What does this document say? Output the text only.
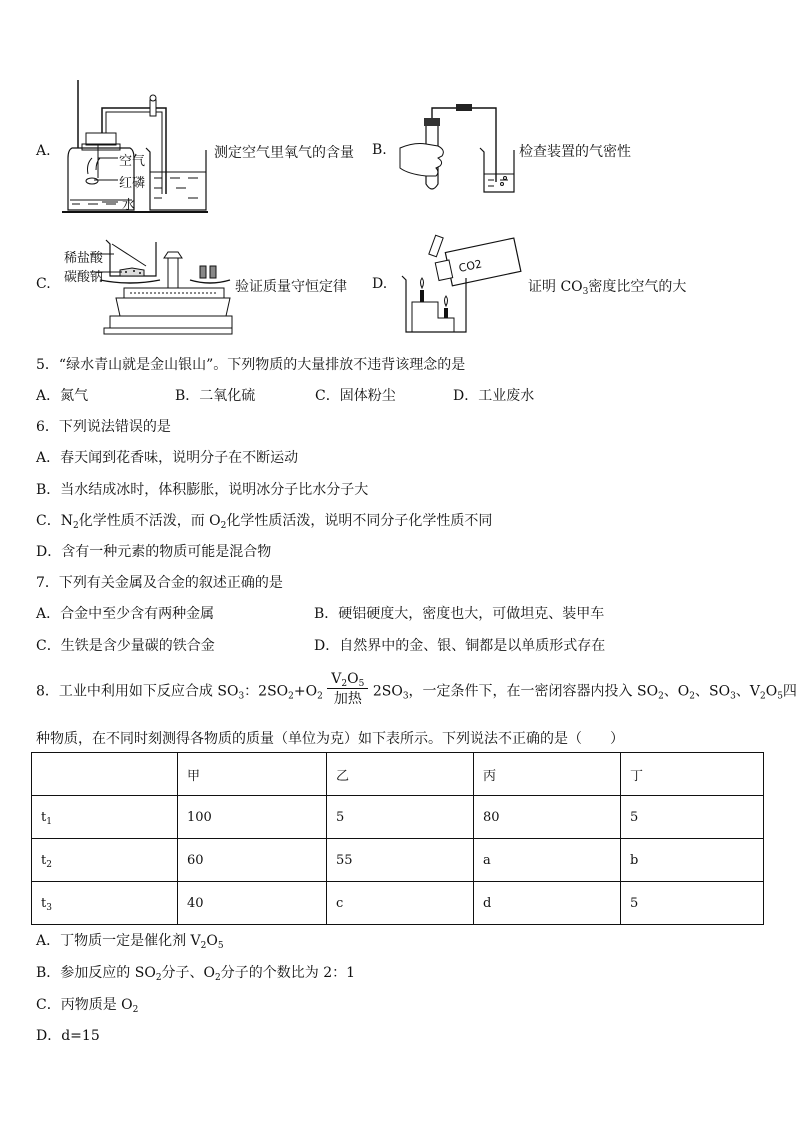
A.
空气
红磷
水
测定空气里氧气的含量 B.	检查装置的气密性
C.
稀盐酸
碳酸钠
验证质量守恒定律 D.
CO2
证明 $CO_3$密度比空气的大
5．“绿水青山就是金山银山”。下列物质的大量排放不违背该理念的是
A．氮气	B．二氧化硫	C．固体粉尘	D．工业废水
6．下列说法错误的是
A．春天闻到花香味，说明分子在不断运动
B．当水结成冰时，体积膨胀，说明冰分子比水分子大
C．$N_2$化学性质不活泼，而 $O_2$化学性质活泼，说明不同分子化学性质不同
D．含有一种元素的物质可能是混合物
7．下列有关金属及合金的叙述正确的是
A．合金中至少含有两种金属	B．硬铝硬度大，密度也大，可做坦克、装甲车
C．生铁是含少量碳的铁合金	D．自然界中的金、银、铜都是以单质形式存在
8．工业中利用如下反应合成 $SO_3$：$2SO_2+O_2 \frac{V_2O_5}{\text{加热}} 2SO_3$，一定条件下，在一密闭容器内投入 $SO_2$、$O_2$、$SO_3$、$V_2O_5$四
种物质，在不同时刻测得各物质的质量（单位为克）如下表所示。下列说法不正确的是（　　）
	甲	乙	丙	丁
$t_1$	100	5	80	5
$t_2$	60	55	a	b
$t_3$	40	c	d	5
A．丁物质一定是催化剂 $V_2O_5$
B．参加反应的 $SO_2$分子、$O_2$分子的个数比为 2：1
C．丙物质是 $O_2$
D．d=15
